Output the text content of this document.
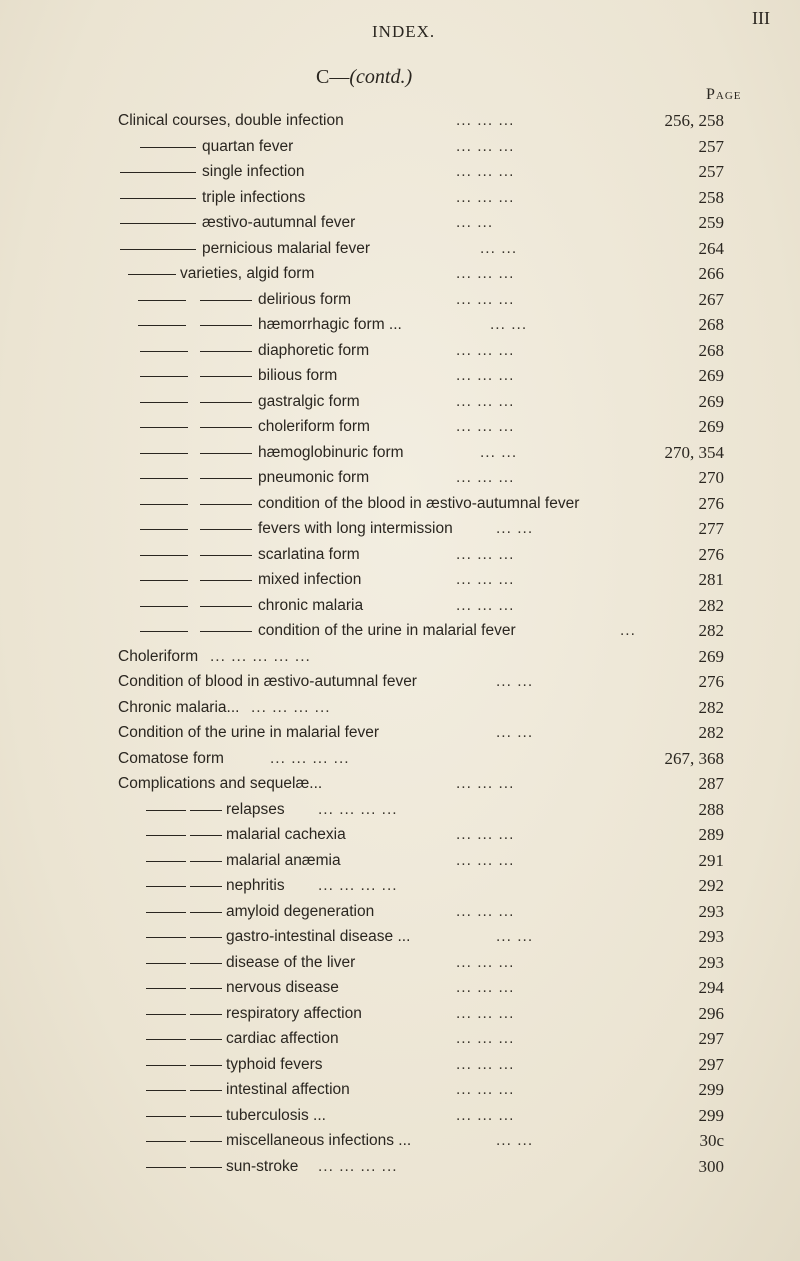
INDEX.
III
C—(contd.)
Page
Clinical courses, double infection	... ... ...	256, 258
quartan fever	... ... ...	257
single infection	... ... ...	257
triple infections	... ... ...	258
æstivo-autumnal fever	... ...	259
pernicious malarial fever	... ...	264
varieties, algid form	... ... ...	266
delirious form	... ... ...	267
hæmorrhagic form ...	... ...	268
diaphoretic form	... ... ...	268
bilious form	... ... ...	269
gastralgic form	... ... ...	269
choleriform form	... ... ...	269
hæmoglobinuric form	... ...	270, 354
pneumonic form	... ... ...	270
condition of the blood in æstivo-autumnal fever	276
fevers with long intermission	... ...	277
scarlatina form	... ... ...	276
mixed infection	... ... ...	281
chronic malaria	... ... ...	282
condition of the urine in malarial fever	...	282
Choleriform ... ... ... ... ...	269
Condition of blood in æstivo-autumnal fever	... ...	276
Chronic malaria... ... ... ... ...	282
Condition of the urine in malarial fever	... ...	282
Comatose form	... ... ... ...	267, 368
Complications and sequelæ...	... ... ...	287
relapses ... ... ... ...	288
malarial cachexia	... ... ...	289
malarial anæmia	... ... ...	291
nephritis ... ... ... ...	292
amyloid degeneration	... ... ...	293
gastro-intestinal disease ...	... ...	293
disease of the liver	... ... ...	293
nervous disease	... ... ...	294
respiratory affection	... ... ...	296
cardiac affection	... ... ...	297
typhoid fevers	... ... ...	297
intestinal affection	... ... ...	299
tuberculosis ...	... ... ...	299
miscellaneous infections ...	... ...	30c
sun-stroke ... ... ... ...	300
